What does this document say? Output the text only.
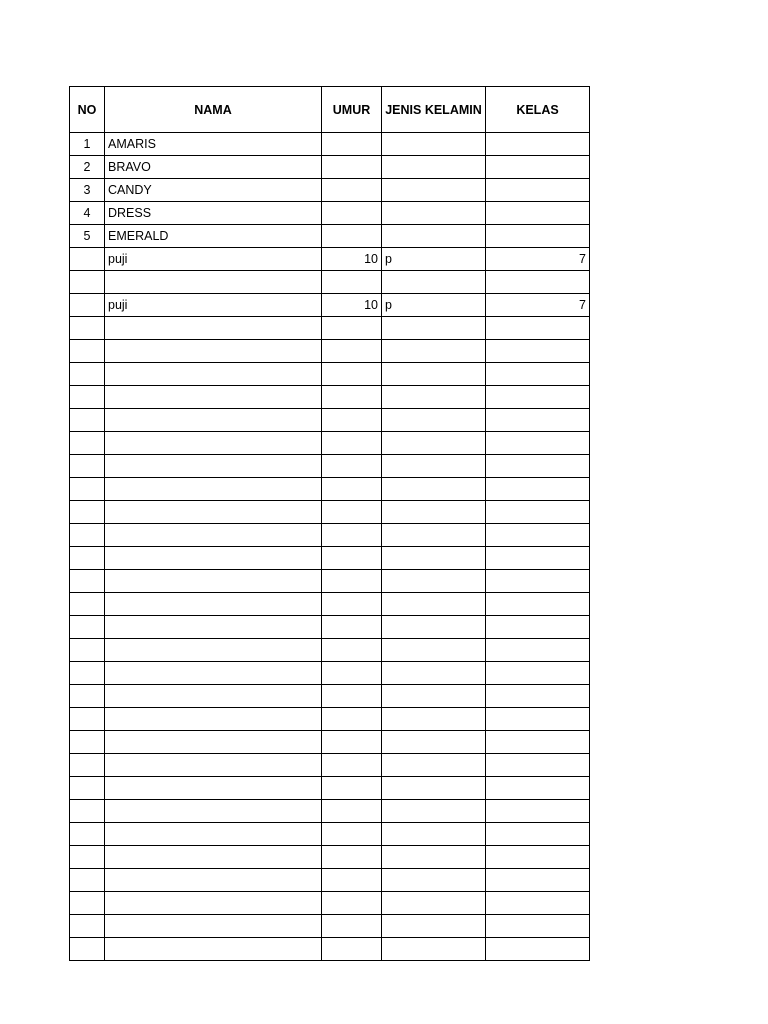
NO	NAMA	UMUR	JENIS KELAMIN	KELAS
1	AMARIS			
2	BRAVO			
3	CANDY			
4	DRESS			
5	EMERALD			
	puji	10	p	7

	puji	10	p	7
